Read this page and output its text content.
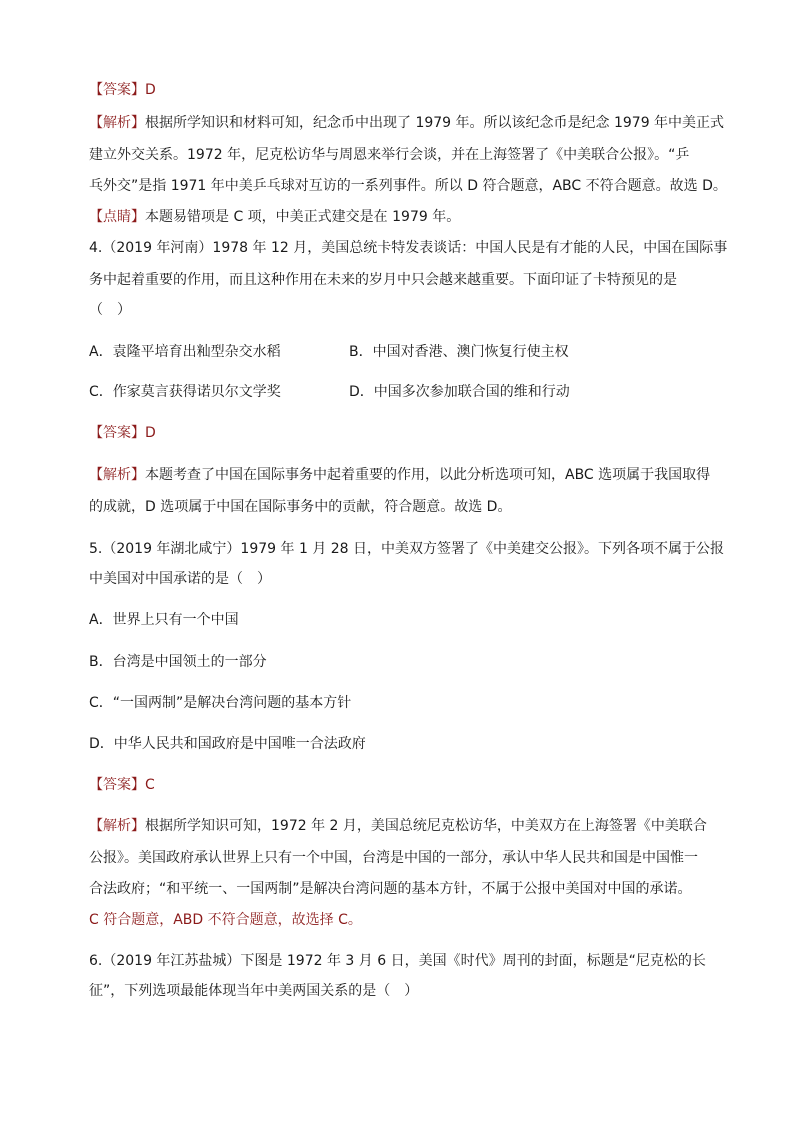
【答案】D
【解析】根据所学知识和材料可知，纪念币中出现了 1979 年。所以该纪念币是纪念 1979 年中美正式
建立外交关系。1972 年，尼克松访华与周恩来举行会谈，并在上海签署了《中美联合公报》。“乒
乓外交”是指 1971 年中美乒乓球对互访的一系列事件。所以 D 符合题意，ABC 不符合题意。故选 D。
【点睛】本题易错项是 C 项，中美正式建交是在 1979 年。
4.（2019 年河南）1978 年 12 月，美国总统卡特发表谈话：中国人民是有才能的人民，中国在国际事
务中起着重要的作用，而且这种作用在未来的岁月中只会越来越重要。下面印证了卡特预见的是
（　）
A．袁隆平培育出籼型杂交水稻	B．中国对香港、澳门恢复行使主权
C．作家莫言获得诺贝尔文学奖	D．中国多次参加联合国的维和行动
【答案】D
【解析】本题考查了中国在国际事务中起着重要的作用，以此分析选项可知，ABC 选项属于我国取得
的成就，D 选项属于中国在国际事务中的贡献，符合题意。故选 D。
5.（2019 年湖北咸宁）1979 年 1 月 28 日，中美双方签署了《中美建交公报》。下列各项不属于公报
中美国对中国承诺的是（　）
A．世界上只有一个中国
B．台湾是中国领土的一部分
C．“一国两制”是解决台湾问题的基本方针
D．中华人民共和国政府是中国唯一合法政府
【答案】C
【解析】根据所学知识可知，1972 年 2 月，美国总统尼克松访华，中美双方在上海签署《中美联合
公报》。美国政府承认世界上只有一个中国，台湾是中国的一部分，承认中华人民共和国是中国惟一
合法政府；“和平统一、一国两制”是解决台湾问题的基本方针，不属于公报中美国对中国的承诺。
C 符合题意，ABD 不符合题意，故选择 C。
6.（2019 年江苏盐城）下图是 1972 年 3 月 6 日，美国《时代》周刊的封面，标题是“尼克松的长
征”，下列选项最能体现当年中美两国关系的是（　）
